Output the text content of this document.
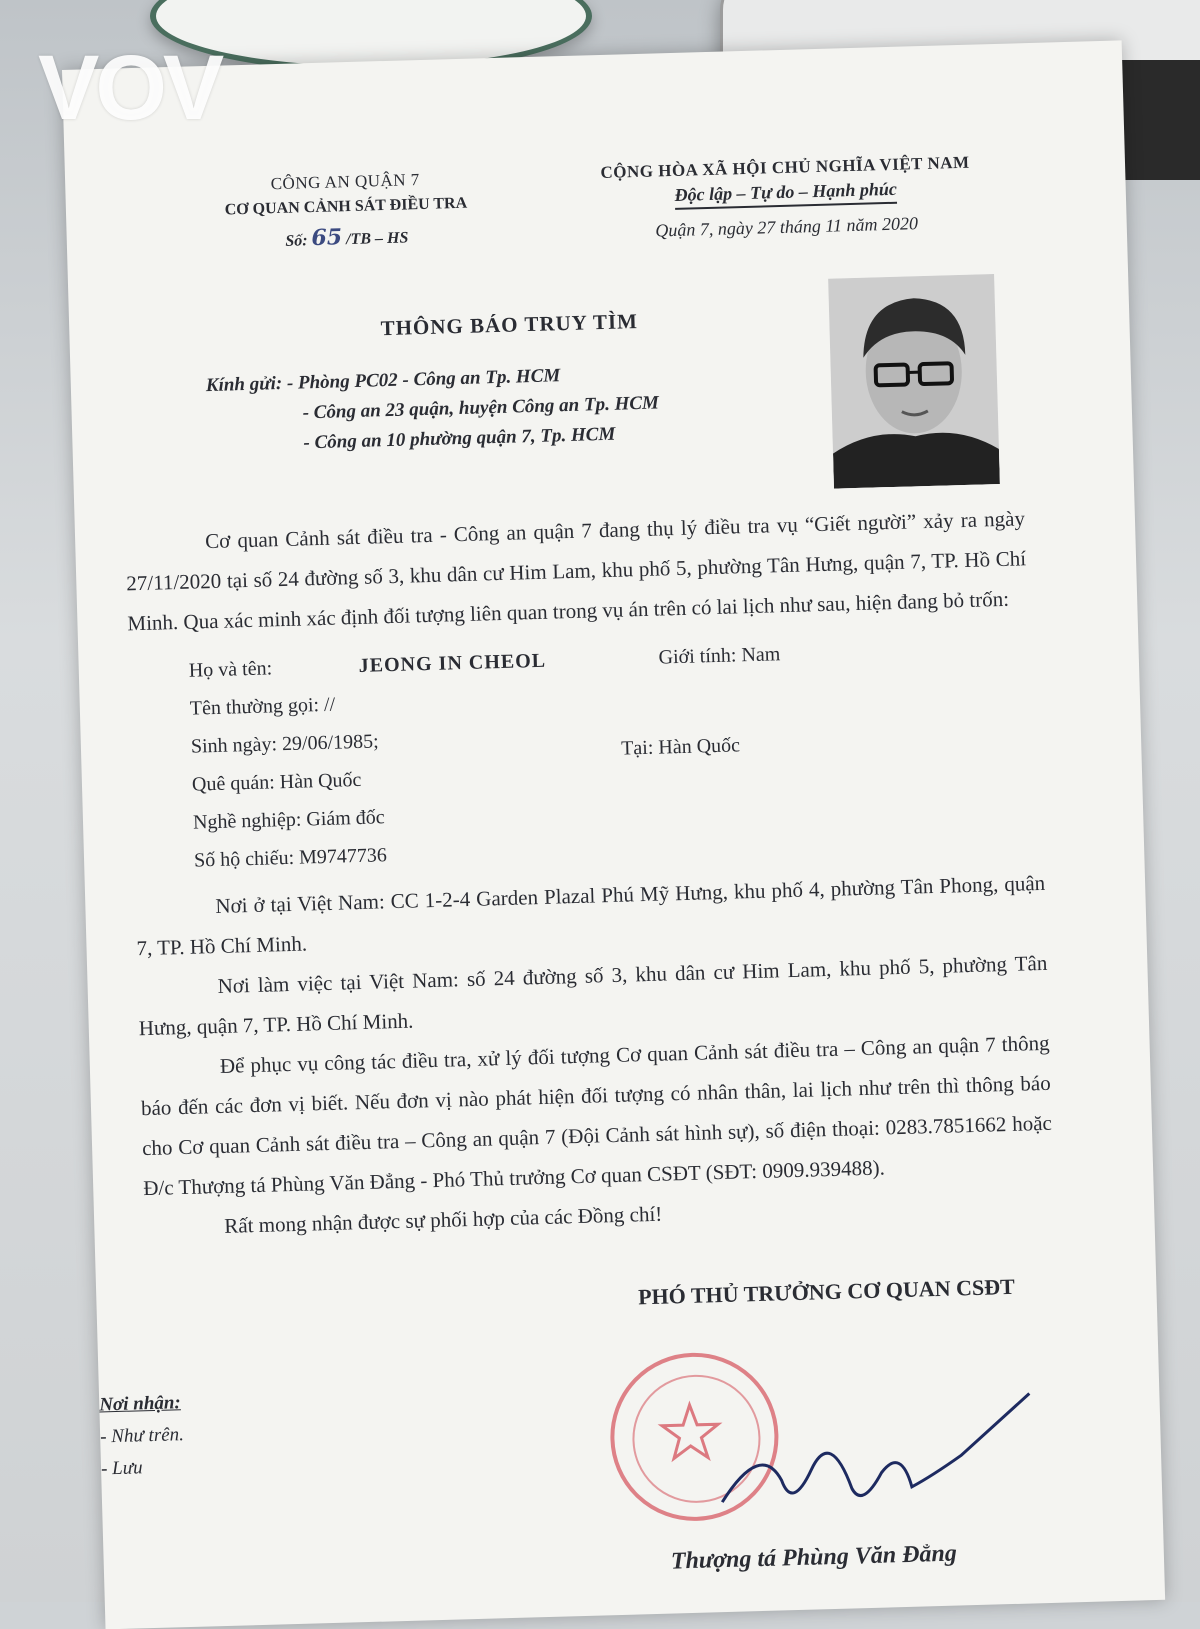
CÔNG AN QUẬN 7
CƠ QUAN CẢNH SÁT ĐIỀU TRA
Số: 65 /TB – HS
CỘNG HÒA XÃ HỘI CHỦ NGHĨA VIỆT NAM
Độc lập – Tự do – Hạnh phúc
Quận 7, ngày 27 tháng 11 năm 2020
THÔNG BÁO TRUY TÌM
Kính gửi: - Phòng PC02 - Công an Tp. HCM
- Công an 23 quận, huyện Công an Tp. HCM
- Công an 10 phường quận 7, Tp. HCM

Cơ quan Cảnh sát điều tra - Công an quận 7 đang thụ lý điều tra vụ “Giết người” xảy ra ngày 27/11/2020 tại số 24 đường số 3, khu dân cư Him Lam, khu phố 5, phường Tân Hưng, quận 7, TP. Hồ Chí Minh. Qua xác minh xác định đối tượng liên quan trong vụ án trên có lai lịch như sau, hiện đang bỏ trốn:

Họ và tên:	JEONG IN CHEOL	Giới tính: Nam
Tên thường gọi: //
Sinh ngày: 29/06/1985;	Tại: Hàn Quốc
Quê quán: Hàn Quốc
Nghề nghiệp: Giám đốc
Số hộ chiếu: M9747736

Nơi ở tại Việt Nam: CC 1-2-4 Garden Plazal Phú Mỹ Hưng, khu phố 4, phường Tân Phong, quận 7, TP. Hồ Chí Minh.

Nơi làm việc tại Việt Nam: số 24 đường số 3, khu dân cư Him Lam, khu phố 5, phường Tân Hưng, quận 7, TP. Hồ Chí Minh.

Để phục vụ công tác điều tra, xử lý đối tượng Cơ quan Cảnh sát điều tra – Công an quận 7 thông báo đến các đơn vị biết. Nếu đơn vị nào phát hiện đối tượng có nhân thân, lai lịch như trên thì thông báo cho Cơ quan Cảnh sát điều tra – Công an quận 7 (Đội Cảnh sát hình sự), số điện thoại: 0283.7851662 hoặc Đ/c Thượng tá Phùng Văn Đẳng - Phó Thủ trưởng Cơ quan CSĐT (SĐT: 0909.939488).

Rất mong nhận được sự phối hợp của các Đồng chí!

PHÓ THỦ TRƯỞNG CƠ QUAN CSĐT
Nơi nhận:
- Như trên.
- Lưu
Thượng tá Phùng Văn Đẳng
VOV
